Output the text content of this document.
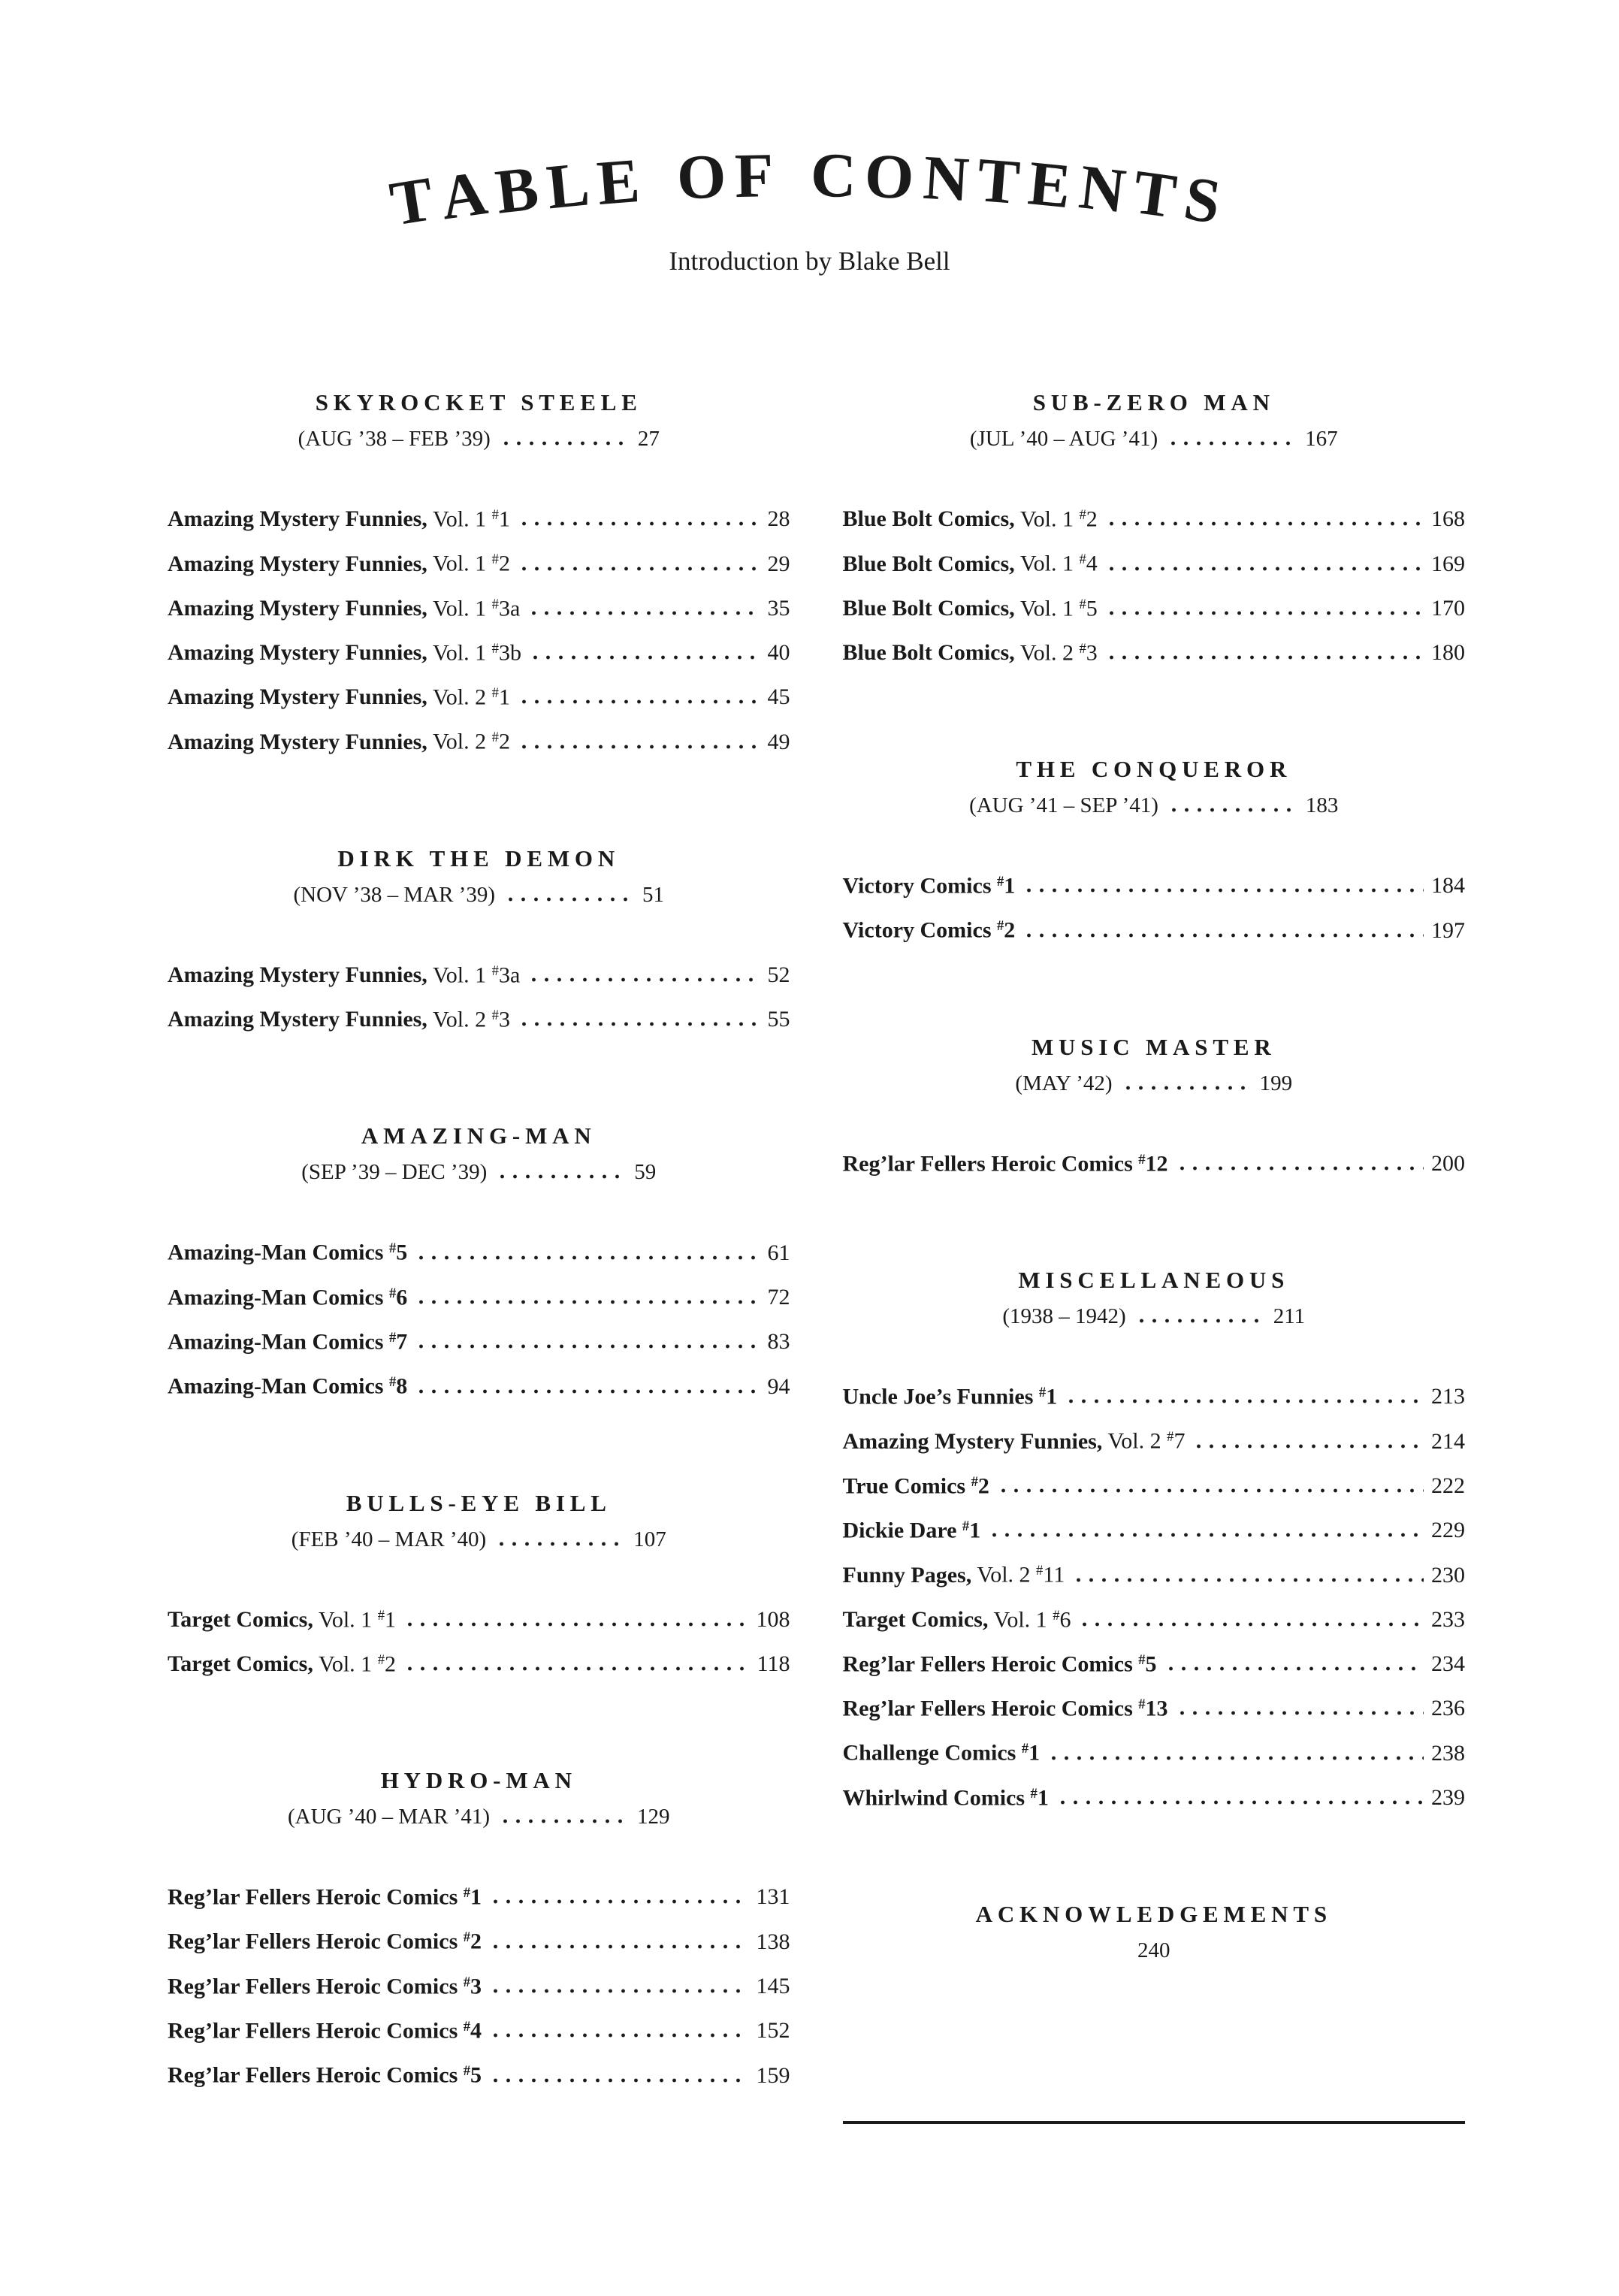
TABLE OF CONTENTS
Introduction by Blake Bell
SKYROCKET STEELE
(AUG ’38 – FEB ’39)	27
Amazing Mystery Funnies, Vol. 1 #1	28
Amazing Mystery Funnies, Vol. 1 #2	29
Amazing Mystery Funnies, Vol. 1 #3a	35
Amazing Mystery Funnies, Vol. 1 #3b	40
Amazing Mystery Funnies, Vol. 2 #1	45
Amazing Mystery Funnies, Vol. 2 #2	49
DIRK THE DEMON
(NOV ’38 – MAR ’39)	51
Amazing Mystery Funnies, Vol. 1 #3a	52
Amazing Mystery Funnies, Vol. 2 #3	55
AMAZING-MAN
(SEP ’39 – DEC ’39)	59
Amazing-Man Comics #5	61
Amazing-Man Comics #6	72
Amazing-Man Comics #7	83
Amazing-Man Comics #8	94
BULLS-EYE BILL
(FEB ’40 – MAR ’40)	107
Target Comics, Vol. 1 #1	108
Target Comics, Vol. 1 #2	118
HYDRO-MAN
(AUG ’40 – MAR ’41)	129
Reg’lar Fellers Heroic Comics #1	131
Reg’lar Fellers Heroic Comics #2	138
Reg’lar Fellers Heroic Comics #3	145
Reg’lar Fellers Heroic Comics #4	152
Reg’lar Fellers Heroic Comics #5	159
SUB-ZERO MAN
(JUL ’40 – AUG ’41)	167
Blue Bolt Comics, Vol. 1 #2	168
Blue Bolt Comics, Vol. 1 #4	169
Blue Bolt Comics, Vol. 1 #5	170
Blue Bolt Comics, Vol. 2 #3	180
THE CONQUEROR
(AUG ’41 – SEP ’41)	183
Victory Comics #1	184
Victory Comics #2	197
MUSIC MASTER
(MAY ’42)	199
Reg’lar Fellers Heroic Comics #12	200
MISCELLANEOUS
(1938 – 1942)	211
Uncle Joe’s Funnies #1	213
Amazing Mystery Funnies, Vol. 2 #7	214
True Comics #2	222
Dickie Dare #1	229
Funny Pages, Vol. 2 #11	230
Target Comics, Vol. 1 #6	233
Reg’lar Fellers Heroic Comics #5	234
Reg’lar Fellers Heroic Comics #13	236
Challenge Comics #1	238
Whirlwind Comics #1	239
ACKNOWLEDGEMENTS
240
